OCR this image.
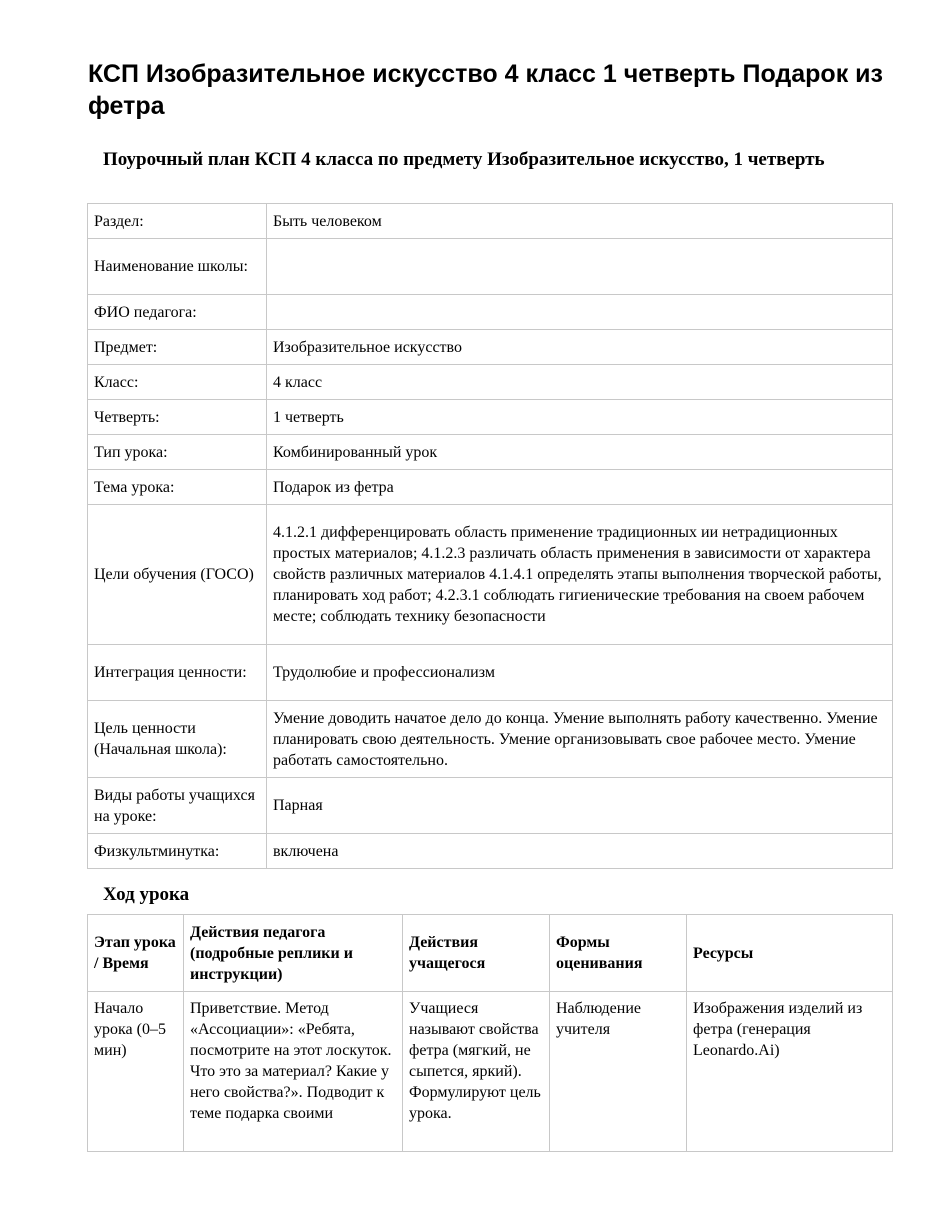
КСП Изобразительное искусство 4 класс 1 четверть Подарок из фетра

Поурочный план КСП 4 класса по предмету Изобразительное искусство, 1 четверть

Раздел:	Быть человеком
Наименование школы:	
ФИО педагога:	
Предмет:	Изобразительное искусство
Класс:	4 класс
Четверть:	1 четверть
Тип урока:	Комбинированный урок
Тема урока:	Подарок из фетра
Цели обучения (ГОСО)	4.1.2.1 дифференцировать область применение традиционных ии нетрадиционных простых материалов; 4.1.2.3 различать область применения в зависимости от характера свойств различных материалов 4.1.4.1 определять этапы выполнения творческой работы, планировать ход работ; 4.2.3.1 соблюдать гигиенические требования на своем рабочем месте; соблюдать технику безопасности
Интеграция ценности:	Трудолюбие и профессионализм
Цель ценности (Начальная школа):	Умение доводить начатое дело до конца. Умение выполнять работу качественно. Умение планировать свою деятельность. Умение организовывать свое рабочее место. Умение работать самостоятельно.
Виды работы учащихся на уроке:	Парная
Физкультминутка:	включена
Ход урока
Этап урока / Время	Действия педагога (подробные реплики и инструкции)	Действия учащегося	Формы оценивания	Ресурсы
Начало урока (0–5 мин)	Приветствие. Метод «Ассоциации»: «Ребята, посмотрите на этот лоскуток. Что это за материал? Какие у него свойства?». Подводит к теме подарка своими	Учащиеся называют свойства фетра (мягкий, не сыпется, яркий). Формулируют цель урока.	Наблюдение учителя	Изображения изделий из фетра (генерация Leonardo.Ai)
